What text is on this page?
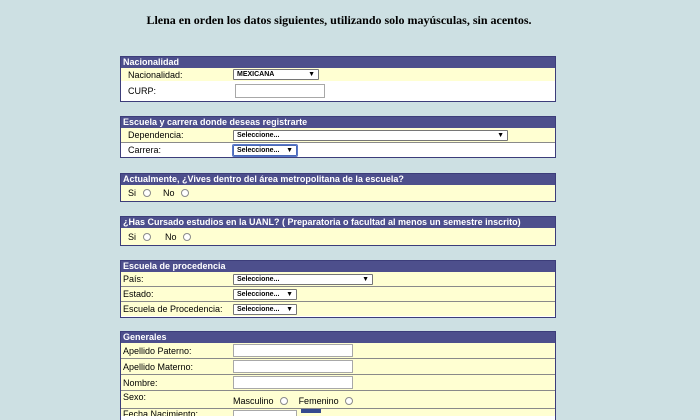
Llena en orden los datos siguientes, utilizando solo mayúsculas, sin acentos.
Nacionalidad
Nacionalidad:	MEXICANA	▼
CURP:
Escuela y carrera donde deseas registrarte
Dependencia:	Seleccione...	▼
Carrera:	Seleccione... ▼
Actualmente, ¿Vives dentro del área metropolitana de la escuela?
Si	No
¿Has Cursado estudios en la UANL? ( Preparatoria o facultad al menos un semestre inscrito)
Si	No
Escuela de procedencia
País:	Seleccione...	▼
Estado:	Seleccione... ▼
Escuela de Procedencia: Seleccione... ▼
Generales
Apellido Paterno:
Apellido Materno:
Nombre:
Sexo:	Masculino	Femenino
Fecha Nacimiento:
